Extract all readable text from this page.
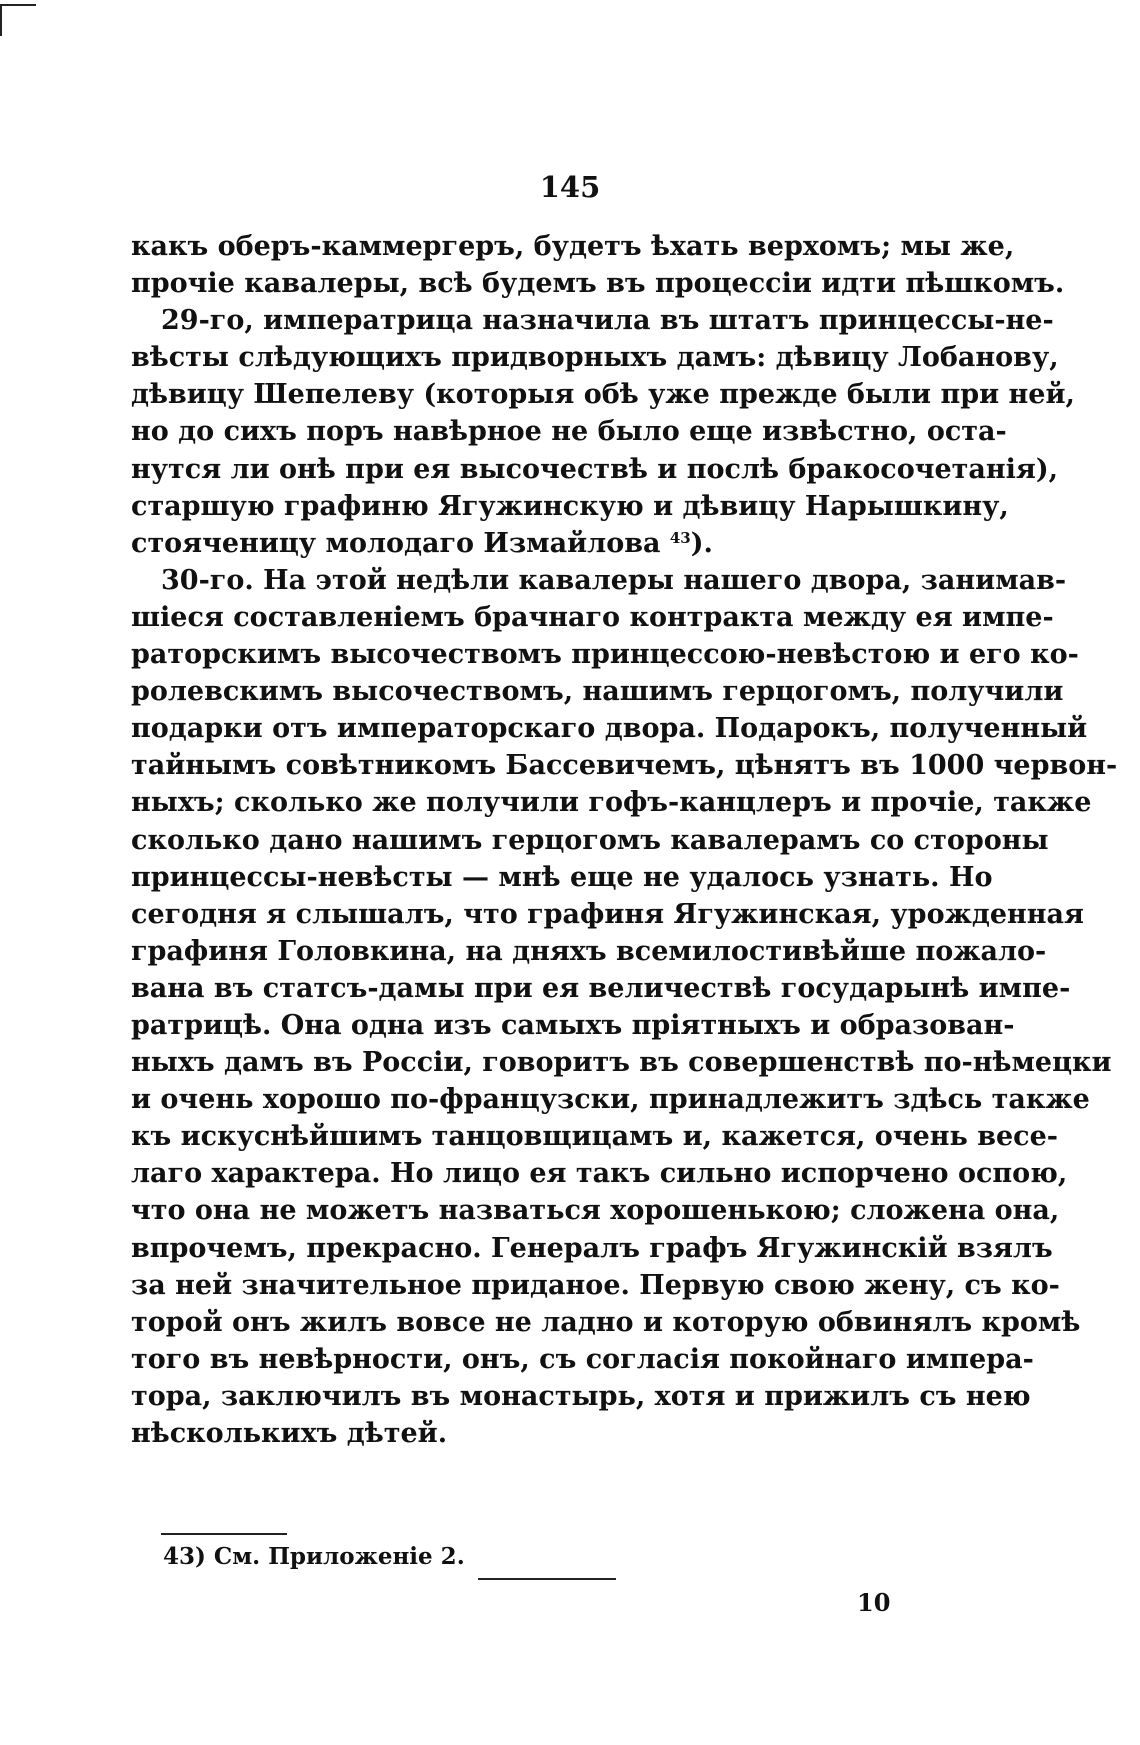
145
какъ оберъ-каммергеръ, будетъ ѣхать верхомъ; мы же,
прочіе кавалеры, всѣ будемъ въ процессіи идти пѣшкомъ.
29-го, императрица назначила въ штатъ принцессы-не-
вѣсты слѣдующихъ придворныхъ дамъ: дѣвицу Лобанову,
дѣвицу Шепелеву (которыя обѣ уже прежде были при ней,
но до сихъ поръ навѣрное не было еще извѣстно, оста-
нутся ли онѣ при ея высочествѣ и послѣ бракосочетанія),
старшую графиню Ягужинскую и дѣвицу Нарышкину,
стояченицу молодаго Измайлова $^{43}$).
30-го. На этой недѣли кавалеры нашего двора, занимав-
шіеся составленіемъ брачнаго контракта между ея импе-
раторскимъ высочествомъ принцессою-невѣстою и его ко-
ролевскимъ высочествомъ, нашимъ герцогомъ, получили
подарки отъ императорскаго двора. Подарокъ, полученный
тайнымъ совѣтникомъ Бассевичемъ, цѣнятъ въ 1000 червон-
ныхъ; сколько же получили гофъ-канцлеръ и прочіе, также
сколько дано нашимъ герцогомъ кавалерамъ со стороны
принцессы-невѣсты — мнѣ еще не удалось узнать. Но
сегодня я слышалъ, что графиня Ягужинская, урожденная
графиня Головкина, на дняхъ всемилостивѣйше пожало-
вана въ статсъ-дамы при ея величествѣ государынѣ импе-
ратрицѣ. Она одна изъ самыхъ пріятныхъ и образован-
ныхъ дамъ въ Россіи, говоритъ въ совершенствѣ по-нѣмецки
и очень хорошо по-французски, принадлежитъ здѣсь также
къ искуснѣйшимъ танцовщицамъ и, кажется, очень весе-
лаго характера. Но лицо ея такъ сильно испорчено оспою,
что она не можетъ назваться хорошенькою; сложена она,
впрочемъ, прекрасно. Генералъ графъ Ягужинскій взялъ
за ней значительное приданое. Первую свою жену, съ ко-
торой онъ жилъ вовсе не ладно и которую обвинялъ кромѣ
того въ невѣрности, онъ, съ согласія покойнаго импера-
тора, заключилъ въ монастырь, хотя и прижилъ съ нею
нѣсколькихъ дѣтей.
43) См. Приложеніе 2.
10
